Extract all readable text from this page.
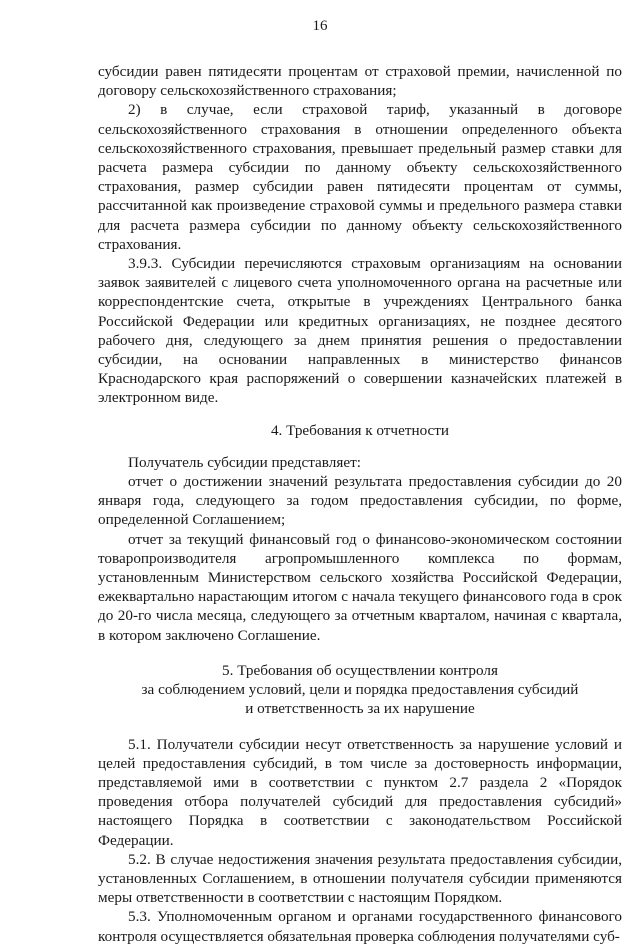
16

субсидии равен пятидесяти процентам от страховой премии, начисленной по договору сельскохозяйственного страхования;

2) в случае, если страховой тариф, указанный в договоре сельскохозяйственного страхования в отношении определенного объекта сельскохозяйственного страхования, превышает предельный размер ставки для расчета размера субсидии по данному объекту сельскохозяйственного страхования, размер субсидии равен пятидесяти процентам от суммы, рассчитанной как произведение страховой суммы и предельного размера ставки для расчета размера субсидии по данному объекту сельскохозяйственного страхования.

3.9.3. Субсидии перечисляются страховым организациям на основании заявок заявителей с лицевого счета уполномоченного органа на расчетные или корреспондентские счета, открытые в учреждениях Центрального банка Российской Федерации или кредитных организациях, не позднее десятого рабочего дня, следующего за днем принятия решения о предоставлении субсидии, на основании направленных в министерство финансов Краснодарского края распоряжений о совершении казначейских платежей в электронном виде.

4. Требования к отчетности

Получатель субсидии представляет:

отчет о достижении значений результата предоставления субсидии до 20 января года, следующего за годом предоставления субсидии, по форме, определенной Соглашением;

отчет за текущий финансовый год о финансово-экономическом состоянии товаропроизводителя агропромышленного комплекса по формам, установленным Министерством сельского хозяйства Российской Федерации, ежеквартально нарастающим итогом с начала текущего финансового года в срок до 20-го числа месяца, следующего за отчетным кварталом, начиная с квартала, в котором заключено Соглашение.

5. Требования об осуществлении контроля
за соблюдением условий, цели и порядка предоставления субсидий
и ответственность за их нарушение

5.1. Получатели субсидии несут ответственность за нарушение условий и целей предоставления субсидий, в том числе за достоверность информации, представляемой ими в соответствии с пунктом 2.7 раздела 2 «Порядок проведения отбора получателей субсидий для предоставления субсидий» настоящего Порядка в соответствии с законодательством Российской Федерации.

5.2. В случае недостижения значения результата предоставления субсидии, установленных Соглашением, в отношении получателя субсидии применяются меры ответственности в соответствии с настоящим Порядком.

5.3. Уполномоченным органом и органами государственного финансового контроля осуществляется обязательная проверка соблюдения получателями суб-
